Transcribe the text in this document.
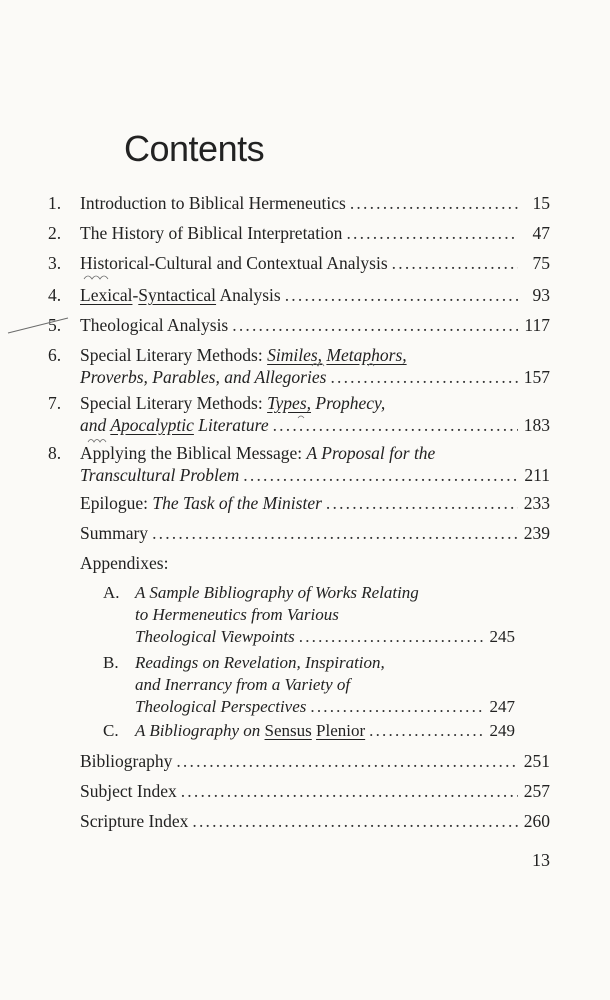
Contents
1.	Introduction to Biblical Hermeneutics .....	15
2.	The History of Biblical Interpretation .....	47
3.	Historical-Cultural and Contextual Analysis .....	75
4.	Lexical-Syntactical Analysis .....	93
5.	Theological Analysis .....	117
6.	Special Literary Methods: Similes, Metaphors,
Proverbs, Parables, and Allegories .....	157
7.	Special Literary Methods: Types, Prophecy,
and Apocalyptic Literature .....	183
8.	Applying the Biblical Message: A Proposal for the
Transcultural Problem .....	211
Epilogue: The Task of the Minister .....	233
Summary .....	239
Appendixes:
A. A Sample Bibliography of Works Relating
to Hermeneutics from Various
Theological Viewpoints .....	245
B. Readings on Revelation, Inspiration,
and Inerrancy from a Variety of
Theological Perspectives .....	247
C. A Bibliography on Sensus Plenior .....	249
Bibliography .....	251
Subject Index .....	257
Scripture Index .....	260
13
